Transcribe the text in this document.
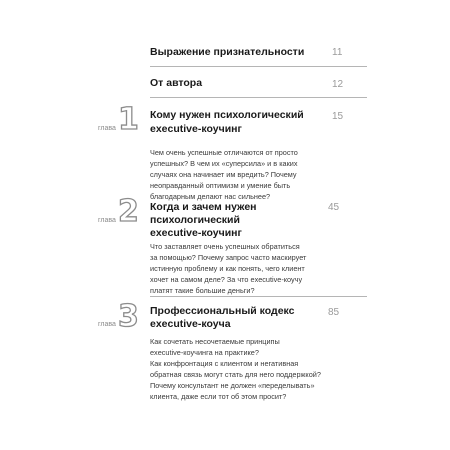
Выражение признательности	11
От автора	12
глава 1 Кому нужен психологический
executive-коучинг
15
Чем очень успешные отличаются от просто
успешных? В чем их «суперсила» и в каких
случаях она начинает им вредить? Почему
неоправданный оптимизм и умение быть
благодарным делают нас сильнее?
глава 2 Когда и зачем нужен
психологический
executive-коучинг
45
Что заставляет очень успешных обратиться
за помощью? Почему запрос часто маскирует
истинную проблему и как понять, чего клиент
хочет на самом деле? За что executive-коучу
платят такие большие деньги?
глава 3 Профессиональный кодекс
executive-коуча
85
Как сочетать несочетаемые принципы
executive-коучинга на практике?
Как конфронтация с клиентом и негативная
обратная связь могут стать для него поддержкой?
Почему консультант не должен «переделывать»
клиента, даже если тот об этом просит?
